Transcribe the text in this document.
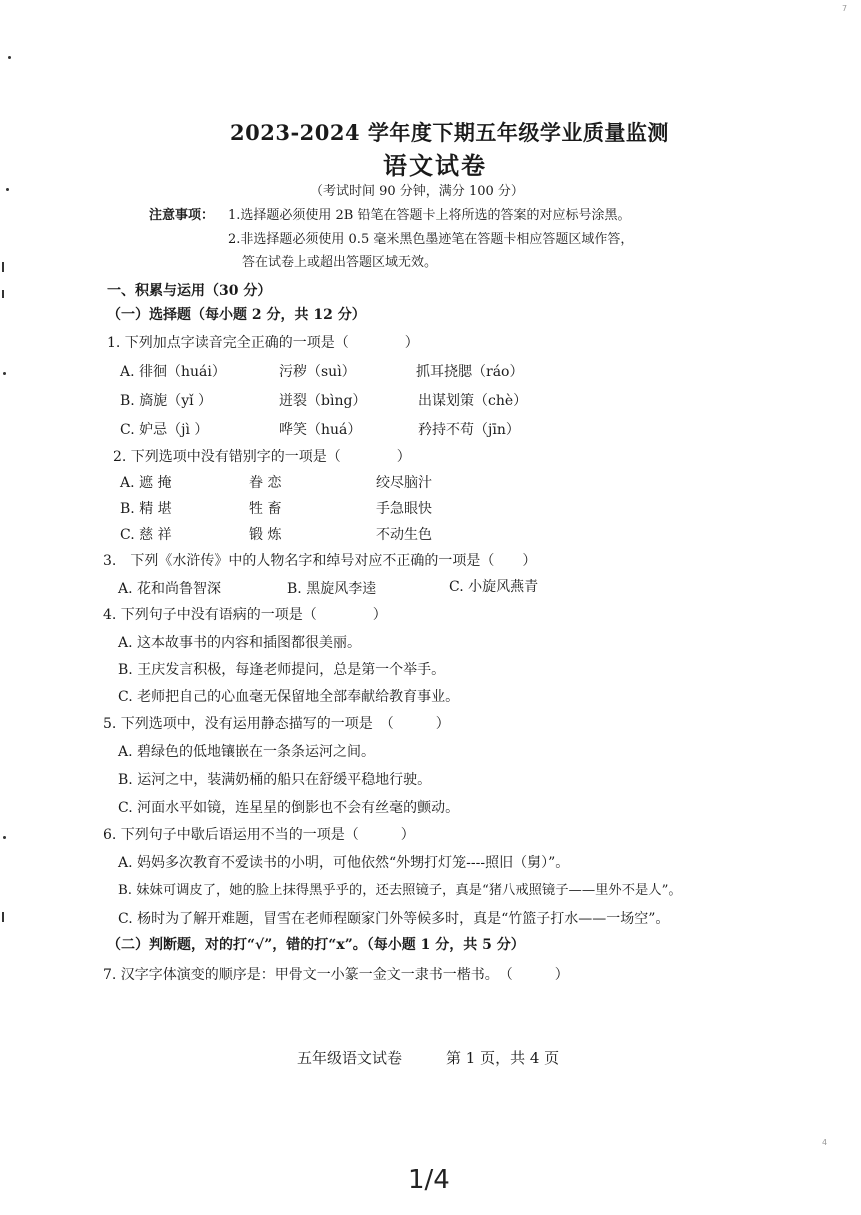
7
4
2023-2024 学年度下期五年级学业质量监测
语文试卷
（考试时间 90 分钟，满分 100 分）
注意事项： 1.选择题必须使用 2B 铅笔在答题卡上将所选的答案的对应标号涂黑。
2.非选择题必须使用 0.5 毫米黑色墨迹笔在答题卡相应答题区域作答，
答在试卷上或超出答题区域无效。
一、积累与运用（30 分）
（一）选择题（每小题 2 分，共 12 分）
1. 下列加点字读音完全正确的一项是（　　　　）
A. 徘徊（huái）	污秽（suì）	抓耳挠腮（ráo）
B. 旖旎（yǐ ）	迸裂（bìng）	出谋划策（chè）
C. 妒忌（jì ）	哗笑（huá）	矜持不苟（jīn）
2. 下列选项中没有错别字的一项是（　　　　）
A. 遮 掩	眷 恋	绞尽脑汁
B. 精 堪	牲 畜	手急眼快
C. 慈 祥	锻 炼	不动生色
3.　下列《水浒传》中的人物名字和绰号对应不正确的一项是（　　）
A. 花和尚鲁智深	B. 黑旋风李逵	C. 小旋风燕青
4. 下列句子中没有语病的一项是（　　　　）
A. 这本故事书的内容和插图都很美丽。
B. 王庆发言积极，每逢老师提问，总是第一个举手。
C. 老师把自己的心血毫无保留地全部奉献给教育事业。
5. 下列选项中，没有运用静态描写的一项是　（　　　）
A. 碧绿色的低地镶嵌在一条条运河之间。
B. 运河之中，装满奶桶的船只在舒缓平稳地行驶。
C. 河面水平如镜，连星星的倒影也不会有丝毫的颤动。
6. 下列句子中歇后语运用不当的一项是（　　　）
A. 妈妈多次教育不爱读书的小明，可他依然“外甥打灯笼----照旧（舅）”。
B. 妹妹可调皮了，她的脸上抹得黑乎乎的，还去照镜子，真是“猪八戒照镜子——里外不是人”。
C. 杨时为了解开难题，冒雪在老师程颐家门外等候多时，真是“竹篮子打水——一场空”。
（二）判断题，对的打“√”，错的打“x”。（每小题 1 分，共 5 分）
7. 汉字字体演变的顺序是：甲骨文一小篆一金文一隶书一楷书。　（　　　）
五年级语文试卷	第 1 页，共 4 页
1/4
